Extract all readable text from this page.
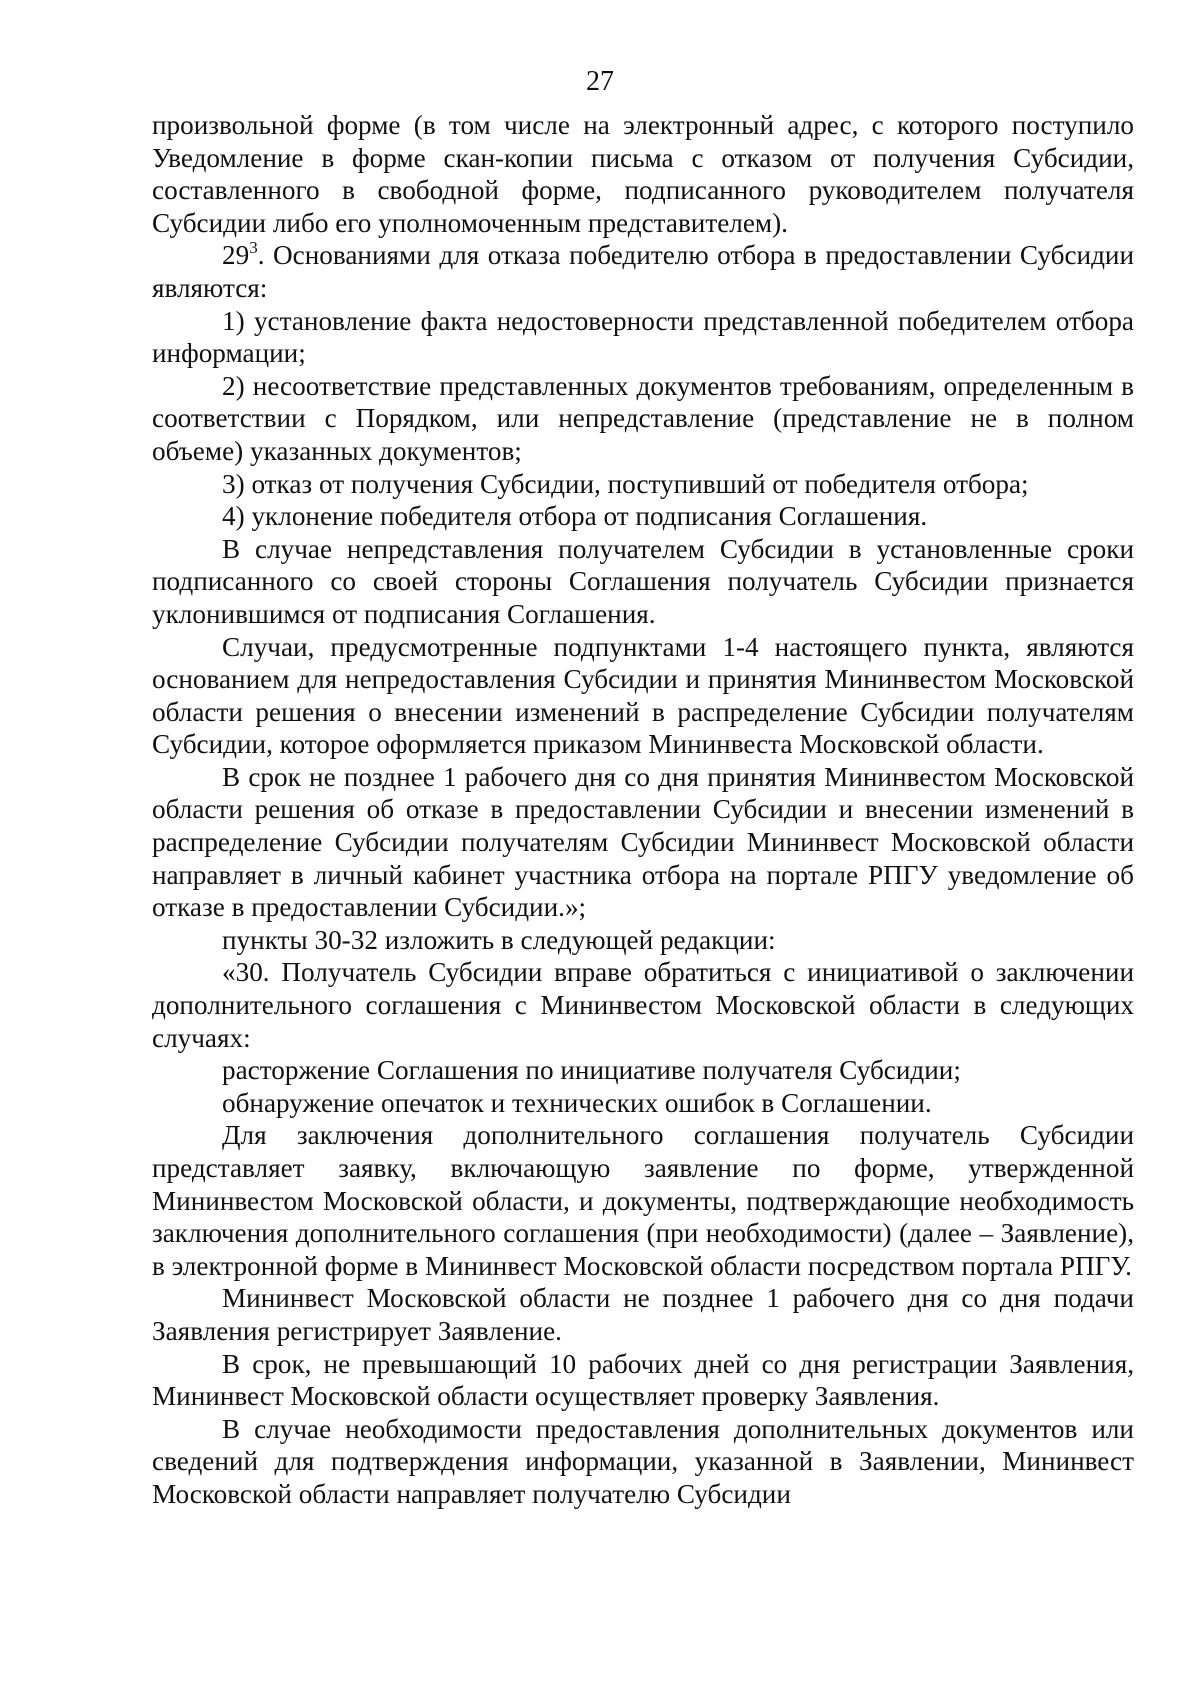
27

произвольной форме (в том числе на электронный адрес, с которого поступило Уведомление в форме скан-копии письма с отказом от получения Субсидии, составленного в свободной форме, подписанного руководителем получателя Субсидии либо его уполномоченным представителем).

$29^3$. Основаниями для отказа победителю отбора в предоставлении Субсидии являются:

1) установление факта недостоверности представленной победителем отбора информации;

2) несоответствие представленных документов требованиям, определенным в соответствии с Порядком, или непредставление (представление не в полном объеме) указанных документов;

3) отказ от получения Субсидии, поступивший от победителя отбора;

4) уклонение победителя отбора от подписания Соглашения.

В случае непредставления получателем Субсидии в установленные сроки подписанного со своей стороны Соглашения получатель Субсидии признается уклонившимся от подписания Соглашения.

Случаи, предусмотренные подпунктами 1-4 настоящего пункта, являются основанием для непредоставления Субсидии и принятия Мининвестом Московской области решения о внесении изменений в распределение Субсидии получателям Субсидии, которое оформляется приказом Мининвеста Московской области.

В срок не позднее 1 рабочего дня со дня принятия Мининвестом Московской области решения об отказе в предоставлении Субсидии и внесении изменений в распределение Субсидии получателям Субсидии Мининвест Московской области направляет в личный кабинет участника отбора на портале РПГУ уведомление об отказе в предоставлении Субсидии.»;

пункты 30-32 изложить в следующей редакции:

«30. Получатель Субсидии вправе обратиться с инициативой о заключении дополнительного соглашения с Мининвестом Московской области в следующих случаях:

расторжение Соглашения по инициативе получателя Субсидии;

обнаружение опечаток и технических ошибок в Соглашении.

Для заключения дополнительного соглашения получатель Субсидии представляет заявку, включающую заявление по форме, утвержденной Мининвестом Московской области, и документы, подтверждающие необходимость заключения дополнительного соглашения (при необходимости) (далее – Заявление), в электронной форме в Мининвест Московской области посредством портала РПГУ.

Мининвест Московской области не позднее 1 рабочего дня со дня подачи Заявления регистрирует Заявление.

В срок, не превышающий 10 рабочих дней со дня регистрации Заявления, Мининвест Московской области осуществляет проверку Заявления.

В случае необходимости предоставления дополнительных документов или сведений для подтверждения информации, указанной в Заявлении, Мининвест Московской области направляет получателю Субсидии
